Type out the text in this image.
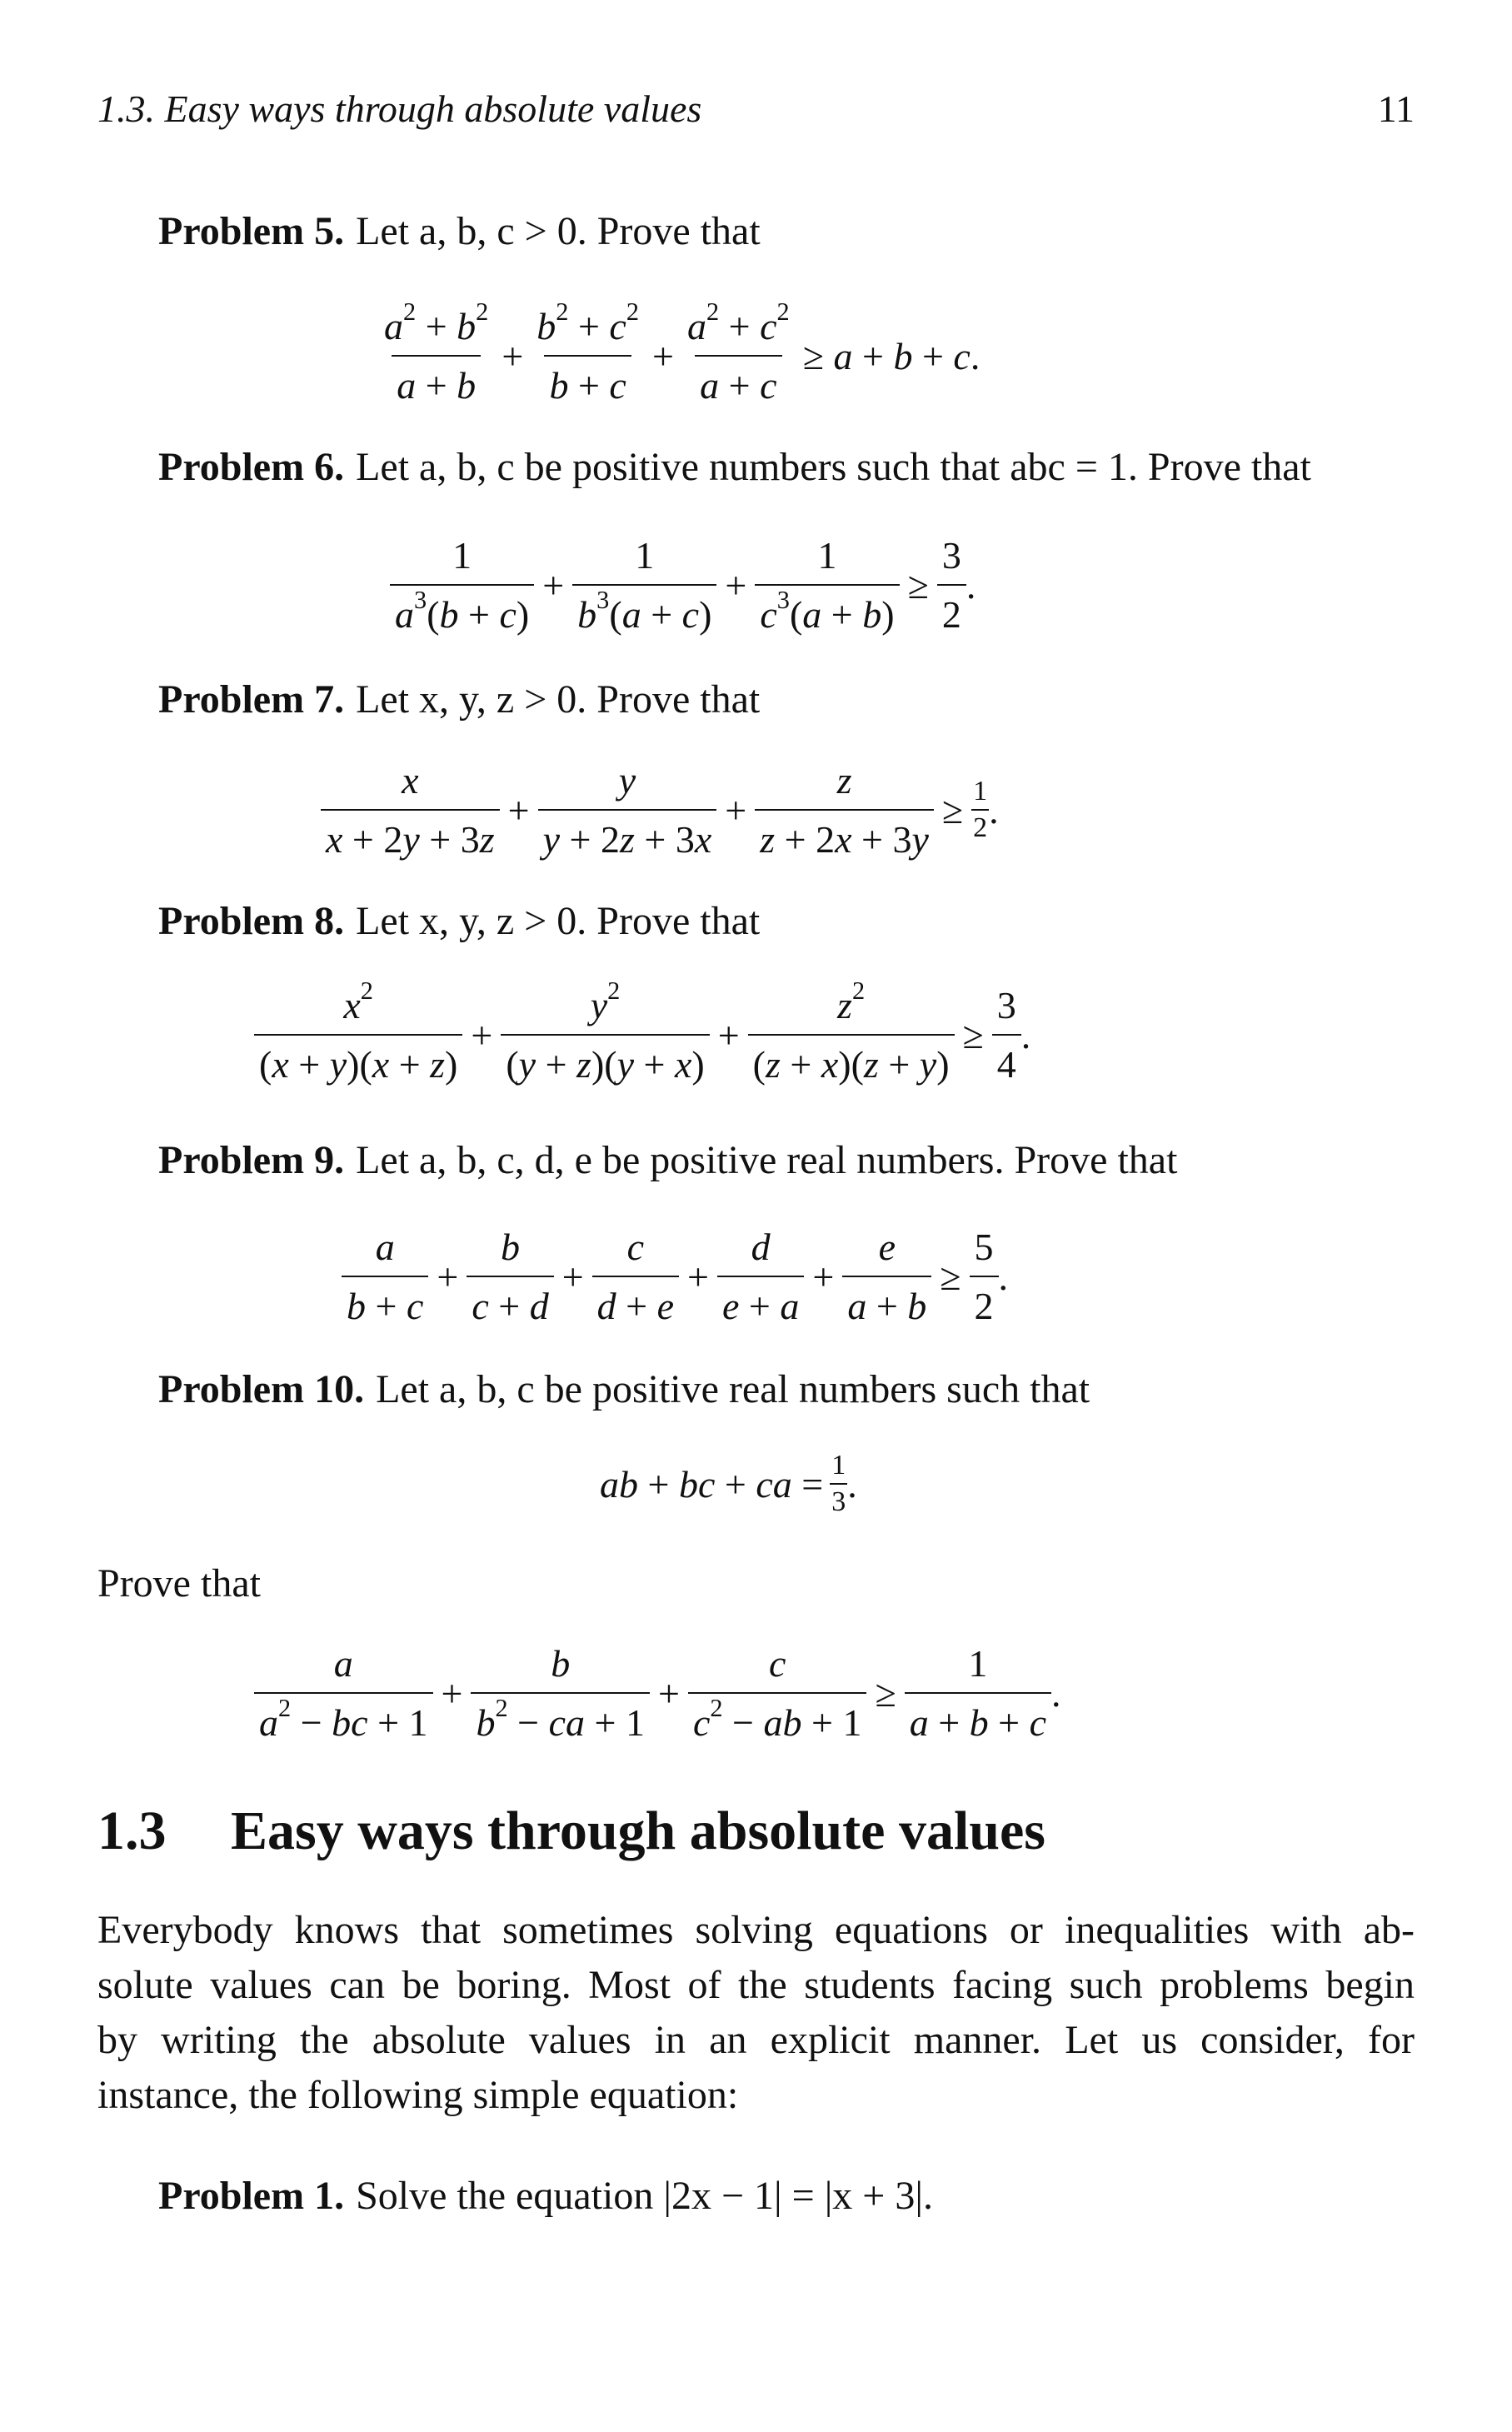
1.3. Easy ways through absolute values	11
Problem 5. Let a, b, c > 0. Prove that
$\frac{a^2 + b^2}{a + b} + \frac{b^2 + c^2}{b + c} + \frac{a^2 + c^2}{a + c} \ge a + b + c$.
Problem 6. Let a, b, c be positive numbers such that abc = 1. Prove that
$\frac{1}{a^3(b + c)} + \frac{1}{b^3(a + c)} + \frac{1}{c^3(a + b)} \ge \frac{3}{2}$ .
Problem 7. Let x, y, z > 0. Prove that
$\frac{x}{x + 2y + 3z} + \frac{y}{y + 2z + 3x} + \frac{z}{z + 2x + 3y} \ge \frac{1}{2}$ .
Problem 8. Let x, y, z > 0. Prove that
$\frac{x^2}{(x + y)(x + z)} + \frac{y^2}{(y + z)(y + x)} + \frac{z^2}{(z + x)(z + y)} \ge \frac{3}{4}$ .
Problem 9. Let a, b, c, d, e be positive real numbers. Prove that
$\frac{a}{b + c} + \frac{b}{c + d} + \frac{c}{d + e} + \frac{d}{e + a} + \frac{e}{a + b} \ge \frac{5}{2}$ .
Problem 10. Let a, b, c be positive real numbers such that
ab + bc + ca = $\frac{1}{3}$ .
Prove that
$\frac{a}{a^2 - bc + 1} + \frac{b}{b^2 - ca + 1} + \frac{c}{c^2 - ab + 1} \ge \frac{1}{a + b + c}$ .
1.3 Easy ways through absolute values
Everybody knows that sometimes solving equations or inequalities with ab-
solute values can be boring. Most of the students facing such problems begin
by writing the absolute values in an explicit manner. Let us consider, for
instance, the following simple equation:
Problem 1. Solve the equation |2x − 1| = |x + 3|.
